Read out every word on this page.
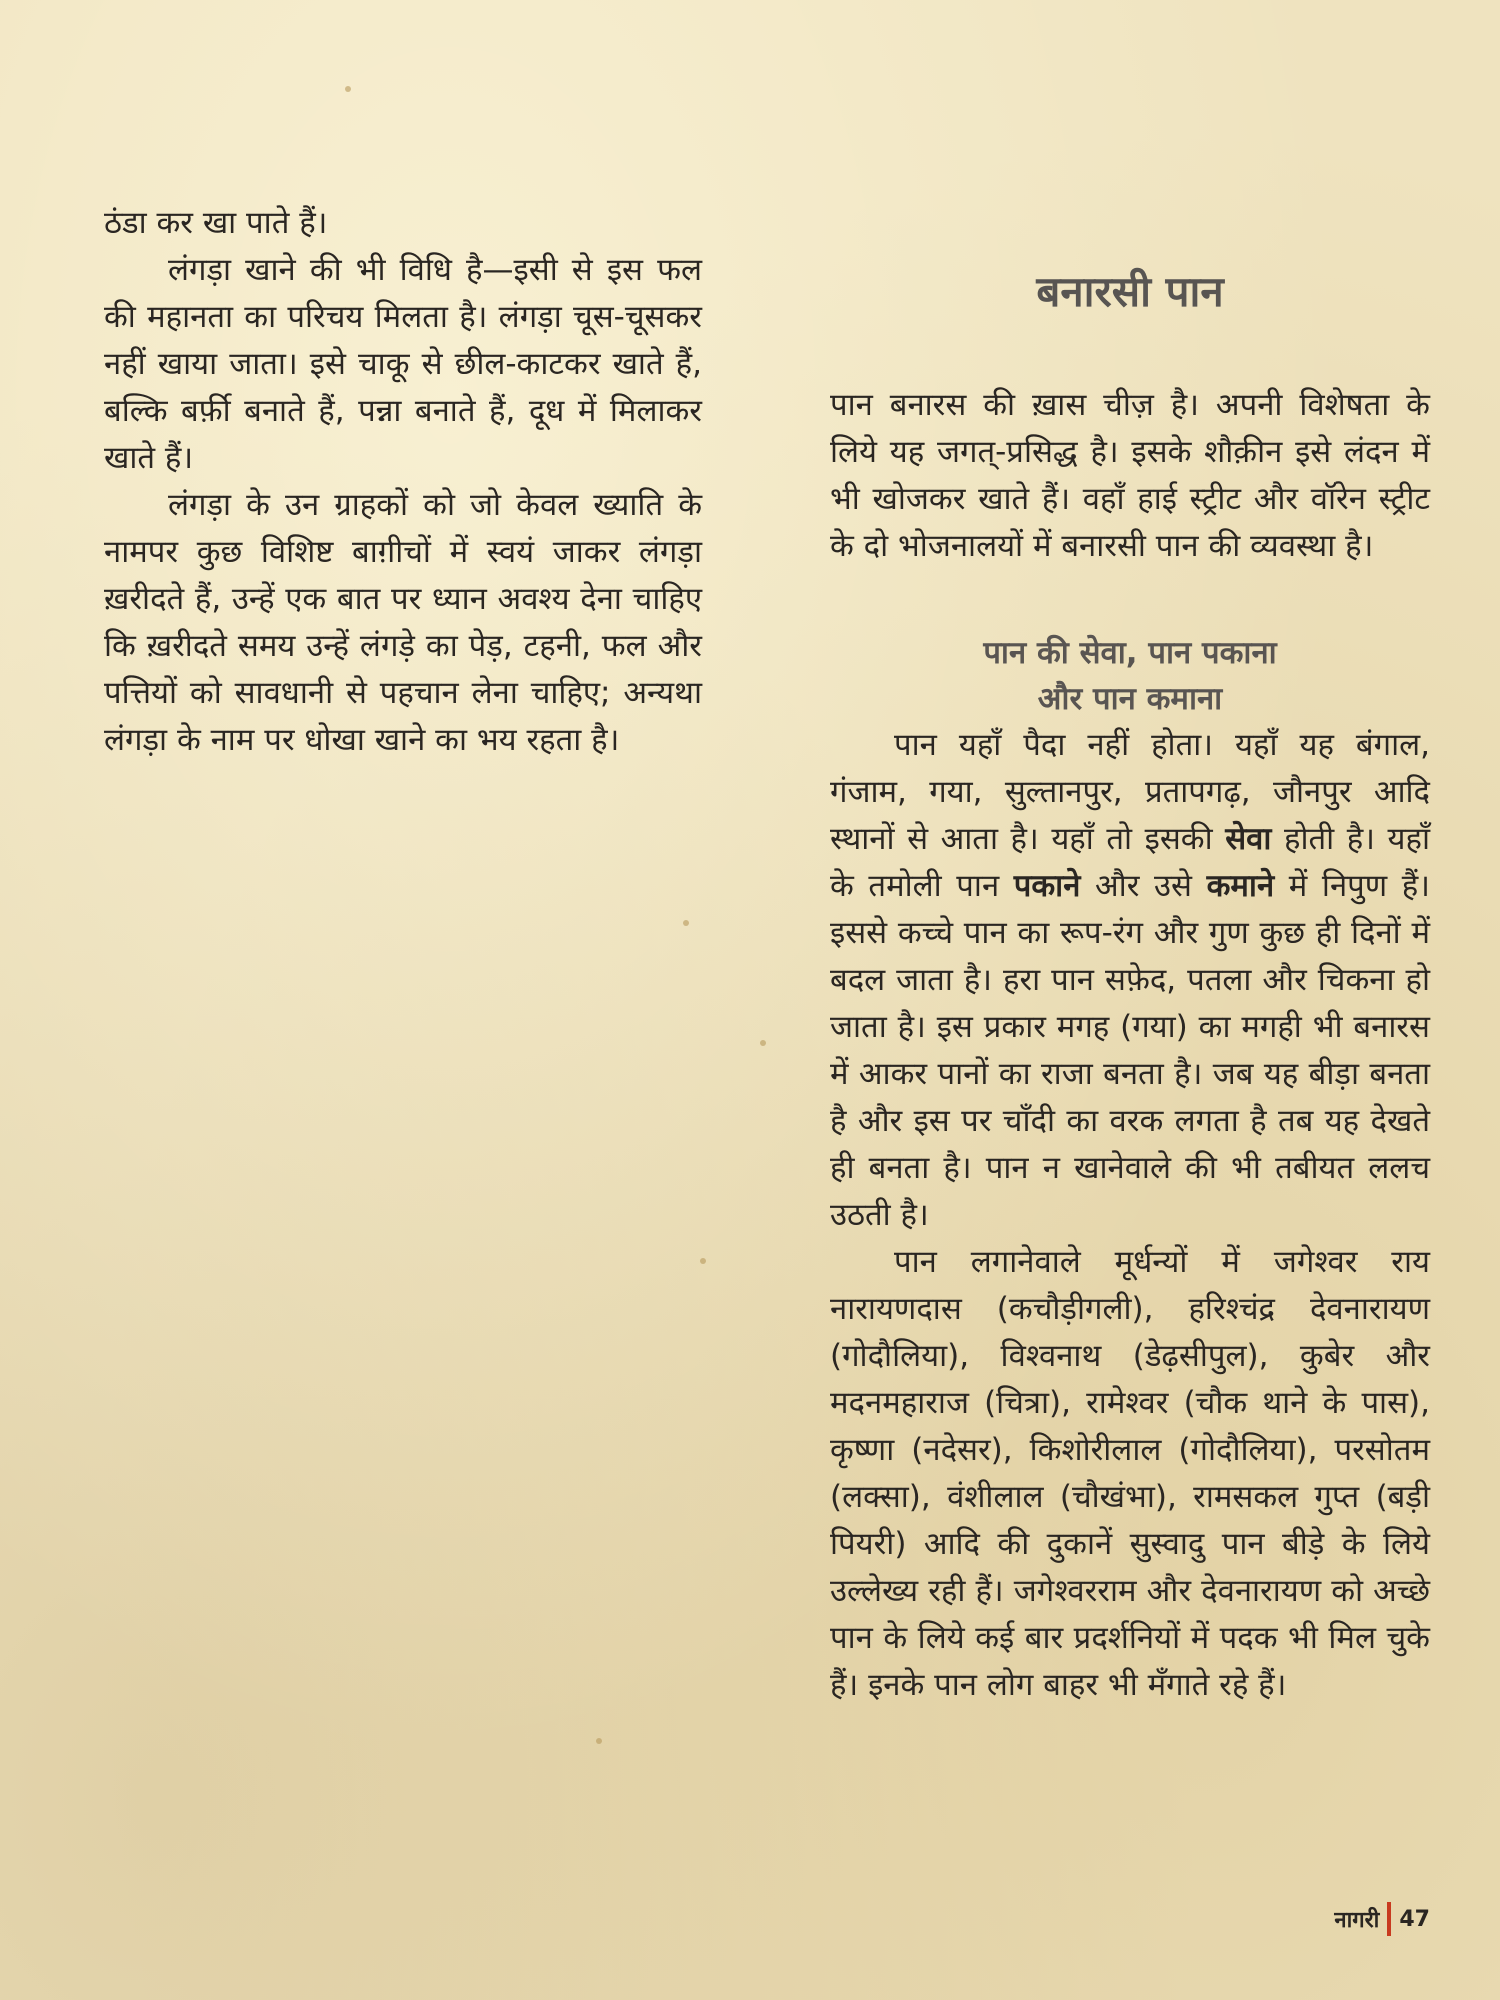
ठंडा कर खा पाते हैं।

लंगड़ा खाने की भी विधि है—इसी से इस फल की महानता का परिचय मिलता है। लंगड़ा चूस-चूसकर नहीं खाया जाता। इसे चाकू से छील-काटकर खाते हैं, बल्कि बर्फ़ी बनाते हैं, पन्ना बनाते हैं, दूध में मिलाकर खाते हैं।

लंगड़ा के उन ग्राहकों को जो केवल ख्याति के नामपर कुछ विशिष्ट बाग़ीचों में स्वयं जाकर लंगड़ा ख़रीदते हैं, उन्हें एक बात पर ध्यान अवश्य देना चाहिए कि ख़रीदते समय उन्हें लंगड़े का पेड़, टहनी, फल और पत्तियों को सावधानी से पहचान लेना चाहिए; अन्यथा लंगड़ा के नाम पर धोखा खाने का भय रहता है।

बनारसी पान

पान बनारस की ख़ास चीज़ है। अपनी विशेषता के लिये यह जगत्-प्रसिद्ध है। इसके शौक़ीन इसे लंदन में भी खोजकर खाते हैं। वहाँ हाई स्ट्रीट और वॉरेन स्ट्रीट के दो भोजनालयों में बनारसी पान की व्यवस्था है।

पान की सेवा, पान पकाना
और पान कमाना

पान यहाँ पैदा नहीं होता। यहाँ यह बंगाल, गंजाम, गया, सुल्तानपुर, प्रतापगढ़, जौनपुर आदि स्थानों से आता है। यहाँ तो इसकी सेवा होती है। यहाँ के तमोली पान पकाने और उसे कमाने में निपुण हैं। इससे कच्चे पान का रूप-रंग और गुण कुछ ही दिनों में बदल जाता है। हरा पान सफ़ेद, पतला और चिकना हो जाता है। इस प्रकार मगह (गया) का मगही भी बनारस में आकर पानों का राजा बनता है। जब यह बीड़ा बनता है और इस पर चाँदी का वरक लगता है तब यह देखते ही बनता है। पान न खानेवाले की भी तबीयत ललच उठती है।

पान लगानेवाले मूर्धन्यों में जगेश्वर राय नारायणदास (कचौड़ीगली), हरिश्चंद्र देवनारायण (गोदौलिया), विश्वनाथ (डेढ़सीपुल), कुबेर और मदनमहाराज (चित्रा), रामेश्वर (चौक थाने के पास), कृष्णा (नदेसर), किशोरीलाल (गोदौलिया), परसोतम (लक्सा), वंशीलाल (चौखंभा), रामसकल गुप्त (बड़ी पियरी) आदि की दुकानें सुस्वादु पान बीड़े के लिये उल्लेख्य रही हैं। जगेश्वरराम और देवनारायण को अच्छे पान के लिये कई बार प्रदर्शनियों में पदक भी मिल चुके हैं। इनके पान लोग बाहर भी मँगाते रहे हैं।

नागरी 47
